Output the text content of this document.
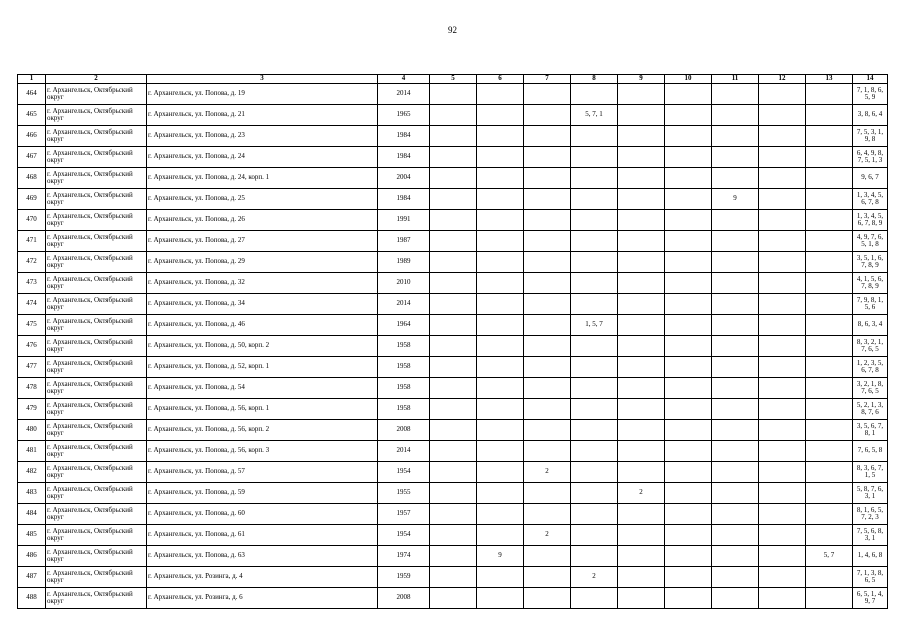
92
1	2	3	4	5	6	7	8	9	10	11	12	13	14
464	г. Архангельск, Октябрьский округ	г. Архангельск, ул. Попова, д. 19	2014										7, 1, 8, 6, 5, 9
465	г. Архангельск, Октябрьский округ	г. Архангельск, ул. Попова, д. 21	1965				5, 7, 1						3, 8, 6, 4
466	г. Архангельск, Октябрьский округ	г. Архангельск, ул. Попова, д. 23	1984										7, 5, 3, 1, 9, 8
467	г. Архангельск, Октябрьский округ	г. Архангельск, ул. Попова, д. 24	1984										6, 4, 9, 8, 7, 5, 1, 3
468	г. Архангельск, Октябрьский округ	г. Архангельск, ул. Попова, д. 24, корп. 1	2004										9, 6, 7
469	г. Архангельск, Октябрьский округ	г. Архангельск, ул. Попова, д. 25	1984							9			1, 3, 4, 5, 6, 7, 8
470	г. Архангельск, Октябрьский округ	г. Архангельск, ул. Попова, д. 26	1991										1, 3, 4, 5, 6, 7, 8, 9
471	г. Архангельск, Октябрьский округ	г. Архангельск, ул. Попова, д. 27	1987										4, 9, 7, 6, 5, 1, 8
472	г. Архангельск, Октябрьский округ	г. Архангельск, ул. Попова, д. 29	1989										3, 5, 1, 6, 7, 8, 9
473	г. Архангельск, Октябрьский округ	г. Архангельск, ул. Попова, д. 32	2010										4, 1, 5, 6, 7, 8, 9
474	г. Архангельск, Октябрьский округ	г. Архангельск, ул. Попова, д. 34	2014										7, 9, 8, 1, 5, 6
475	г. Архангельск, Октябрьский округ	г. Архангельск, ул. Попова, д. 46	1964				1, 5, 7						8, 6, 3, 4
476	г. Архангельск, Октябрьский округ	г. Архангельск, ул. Попова, д. 50, корп. 2	1958										8, 3, 2, 1, 7, 6, 5
477	г. Архангельск, Октябрьский округ	г. Архангельск, ул. Попова, д. 52, корп. 1	1958										1, 2, 3, 5, 6, 7, 8
478	г. Архангельск, Октябрьский округ	г. Архангельск, ул. Попова, д. 54	1958										3, 2, 1, 8, 7, 6, 5
479	г. Архангельск, Октябрьский округ	г. Архангельск, ул. Попова, д. 56, корп. 1	1958										5, 2, 1, 3, 8, 7, 6
480	г. Архангельск, Октябрьский округ	г. Архангельск, ул. Попова, д. 56, корп. 2	2008										3, 5, 6, 7, 8, 1
481	г. Архангельск, Октябрьский округ	г. Архангельск, ул. Попова, д. 56, корп. 3	2014										7, 6, 5, 8
482	г. Архангельск, Октябрьский округ	г. Архангельск, ул. Попова, д. 57	1954			2							8, 3, 6, 7, 1, 5
483	г. Архангельск, Октябрьский округ	г. Архангельск, ул. Попова, д. 59	1955					2					5, 8, 7, 6, 3, 1
484	г. Архангельск, Октябрьский округ	г. Архангельск, ул. Попова, д. 60	1957										8, 1, 6, 5, 7, 2, 3
485	г. Архангельск, Октябрьский округ	г. Архангельск, ул. Попова, д. 61	1954			2							7, 5, 6, 8, 3, 1
486	г. Архангельск, Октябрьский округ	г. Архангельск, ул. Попова, д. 63	1974		9							5, 7	1, 4, 6, 8
487	г. Архангельск, Октябрьский округ	г. Архангельск, ул. Розинга, д. 4	1959				2						7, 1, 3, 8, 6, 5
488	г. Архангельск, Октябрьский округ	г. Архангельск, ул. Розинга, д. 6	2008										6, 5, 1, 4, 9, 7
